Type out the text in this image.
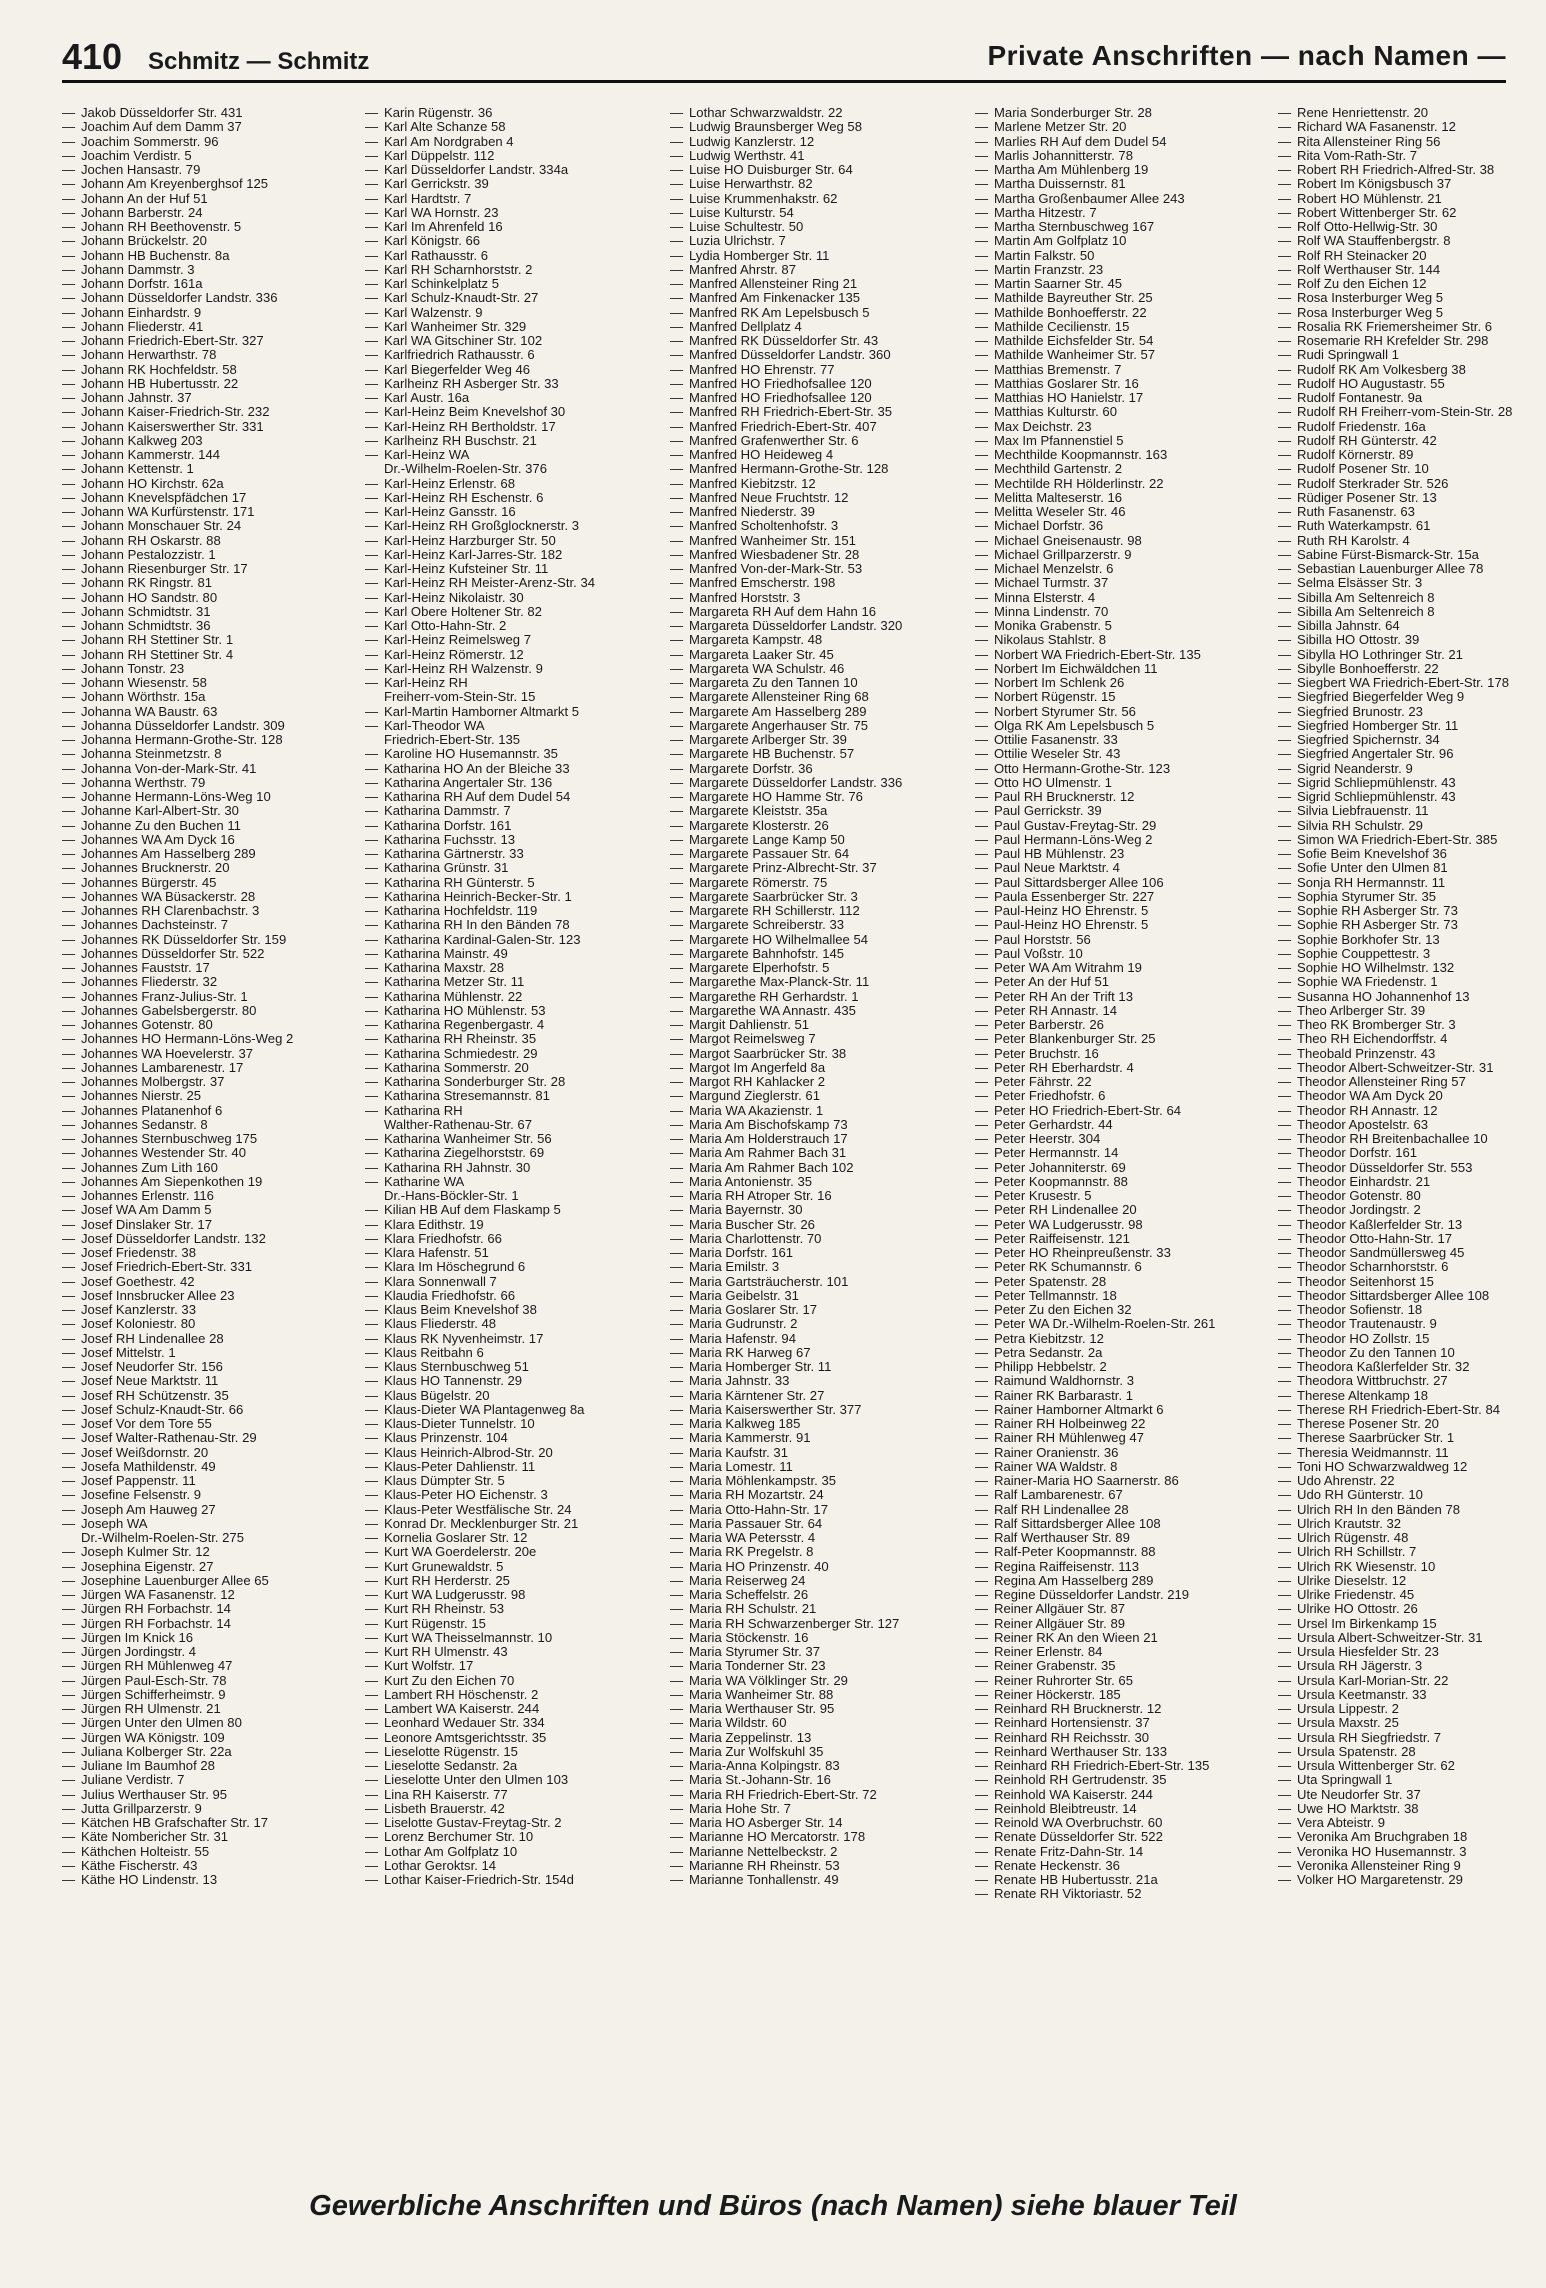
410 Schmitz — Schmitz	Private Anschriften — nach Namen —
— Jakob Düsseldorfer Str. 431
— Joachim Auf dem Damm 37
— Joachim Sommerstr. 96
— Joachim Verdistr. 5
— Jochen Hansastr. 79
— Johann Am Kreyenberghsof 125
— Johann An der Huf 51
— Johann Barberstr. 24
— Johann RH Beethovenstr. 5
— Johann Brückelstr. 20
— Johann HB Buchenstr. 8a
— Johann Dammstr. 3
— Johann Dorfstr. 161a
— Johann Düsseldorfer Landstr. 336
— Johann Einhardstr. 9
— Johann Fliederstr. 41
— Johann Friedrich-Ebert-Str. 327
— Johann Herwarthstr. 78
— Johann RK Hochfeldstr. 58
— Johann HB Hubertusstr. 22
— Johann Jahnstr. 37
— Johann Kaiser-Friedrich-Str. 232
— Johann Kaiserswerther Str. 331
— Johann Kalkweg 203
— Johann Kammerstr. 144
— Johann Kettenstr. 1
— Johann HO Kirchstr. 62a
— Johann Knevelspfädchen 17
— Johann WA Kurfürstenstr. 171
— Johann Monschauer Str. 24
— Johann RH Oskarstr. 88
— Johann Pestalozzistr. 1
— Johann Riesenburger Str. 17
— Johann RK Ringstr. 81
— Johann HO Sandstr. 80
— Johann Schmidtstr. 31
— Johann Schmidtstr. 36
— Johann RH Stettiner Str. 1
— Johann RH Stettiner Str. 4
— Johann Tonstr. 23
— Johann Wiesenstr. 58
— Johann Wörthstr. 15a
— Johanna WA Baustr. 63
— Johanna Düsseldorfer Landstr. 309
— Johanna Hermann-Grothe-Str. 128
— Johanna Steinmetzstr. 8
— Johanna Von-der-Mark-Str. 41
— Johanna Werthstr. 79
— Johanne Hermann-Löns-Weg 10
— Johanne Karl-Albert-Str. 30
— Johanne Zu den Buchen 11
— Johannes WA Am Dyck 16
— Johannes Am Hasselberg 289
— Johannes Brucknerstr. 20
— Johannes Bürgerstr. 45
— Johannes WA Büsackerstr. 28
— Johannes RH Clarenbachstr. 3
— Johannes Dachsteinstr. 7
— Johannes RK Düsseldorfer Str. 159
— Johannes Düsseldorfer Str. 522
— Johannes Fauststr. 17
— Johannes Fliederstr. 32
— Johannes Franz-Julius-Str. 1
— Johannes Gabelsbergerstr. 80
— Johannes Gotenstr. 80
— Johannes HO Hermann-Löns-Weg 2
— Johannes WA Hoevelerstr. 37
— Johannes Lambarenestr. 17
— Johannes Molbergstr. 37
— Johannes Nierstr. 25
— Johannes Platanenhof 6
— Johannes Sedanstr. 8
— Johannes Sternbuschweg 175
— Johannes Westender Str. 40
— Johannes Zum Lith 160
— Johannes Am Siepenkothen 19
— Johannes Erlenstr. 116
— Josef WA Am Damm 5
— Josef Dinslaker Str. 17
— Josef Düsseldorfer Landstr. 132
— Josef Friedenstr. 38
— Josef Friedrich-Ebert-Str. 331
— Josef Goethestr. 42
— Josef Innsbrucker Allee 23
— Josef Kanzlerstr. 33
— Josef Koloniestr. 80
— Josef RH Lindenallee 28
— Josef Mittelstr. 1
— Josef Neudorfer Str. 156
— Josef Neue Marktstr. 11
— Josef RH Schützenstr. 35
— Josef Schulz-Knaudt-Str. 66
— Josef Vor dem Tore 55
— Josef Walter-Rathenau-Str. 29
— Josef Weißdornstr. 20
— Josefa Mathildenstr. 49
— Josef Pappenstr. 11
— Josefine Felsenstr. 9
— Joseph Am Hauweg 27
— Joseph WA
Dr.-Wilhelm-Roelen-Str. 275
— Joseph Kulmer Str. 12
— Josephina Eigenstr. 27
— Josephine Lauenburger Allee 65
— Jürgen WA Fasanenstr. 12
— Jürgen RH Forbachstr. 14
— Jürgen RH Forbachstr. 14
— Jürgen Im Knick 16
— Jürgen Jordingstr. 4
— Jürgen RH Mühlenweg 47
— Jürgen Paul-Esch-Str. 78
— Jürgen Schifferheimstr. 9
— Jürgen RH Ulmenstr. 21
— Jürgen Unter den Ulmen 80
— Jürgen WA Königstr. 109
— Juliana Kolberger Str. 22a
— Juliane Im Baumhof 28
— Juliane Verdistr. 7
— Julius Werthauser Str. 95
— Jutta Grillparzerstr. 9
— Kätchen HB Grafschafter Str. 17
— Käte Nombericher Str. 31
— Käthchen Holteistr. 55
— Käthe Fischerstr. 43
— Käthe HO Lindenstr. 13
— Karin Rügenstr. 36
— Karl Alte Schanze 58
— Karl Am Nordgraben 4
— Karl Düppelstr. 112
— Karl Düsseldorfer Landstr. 334a
— Karl Gerrickstr. 39
— Karl Hardtstr. 7
— Karl WA Hornstr. 23
— Karl Im Ahrenfeld 16
— Karl Königstr. 66
— Karl Rathausstr. 6
— Karl RH Scharnhorststr. 2
— Karl Schinkelplatz 5
— Karl Schulz-Knaudt-Str. 27
— Karl Walzenstr. 9
— Karl Wanheimer Str. 329
— Karl WA Gitschiner Str. 102
— Karlfriedrich Rathausstr. 6
— Karl Biegerfelder Weg 46
— Karlheinz RH Asberger Str. 33
— Karl Austr. 16a
— Karl-Heinz Beim Knevelshof 30
— Karl-Heinz RH Bertholdstr. 17
— Karlheinz RH Buschstr. 21
— Karl-Heinz WA
Dr.-Wilhelm-Roelen-Str. 376
— Karl-Heinz Erlenstr. 68
— Karl-Heinz RH Eschenstr. 6
— Karl-Heinz Gansstr. 16
— Karl-Heinz RH Großglocknerstr. 3
— Karl-Heinz Harzburger Str. 50
— Karl-Heinz Karl-Jarres-Str. 182
— Karl-Heinz Kufsteiner Str. 11
— Karl-Heinz RH Meister-Arenz-Str. 34
— Karl-Heinz Nikolaistr. 30
— Karl Obere Holtener Str. 82
— Karl Otto-Hahn-Str. 2
— Karl-Heinz Reimelsweg 7
— Karl-Heinz Römerstr. 12
— Karl-Heinz RH Walzenstr. 9
— Karl-Heinz RH
Freiherr-vom-Stein-Str. 15
— Karl-Martin Hamborner Altmarkt 5
— Karl-Theodor WA
Friedrich-Ebert-Str. 135
— Karoline HO Husemannstr. 35
— Katharina HO An der Bleiche 33
— Katharina Angertaler Str. 136
— Katharina RH Auf dem Dudel 54
— Katharina Dammstr. 7
— Katharina Dorfstr. 161
— Katharina Fuchsstr. 13
— Katharina Gärtnerstr. 33
— Katharina Grünstr. 31
— Katharina RH Günterstr. 5
— Katharina Heinrich-Becker-Str. 1
— Katharina Hochfeldstr. 119
— Katharina RH In den Bänden 78
— Katharina Kardinal-Galen-Str. 123
— Katharina Mainstr. 49
— Katharina Maxstr. 28
— Katharina Metzer Str. 11
— Katharina Mühlenstr. 22
— Katharina HO Mühlenstr. 53
— Katharina Regenbergastr. 4
— Katharina RH Rheinstr. 35
— Katharina Schmiedestr. 29
— Katharina Sommerstr. 20
— Katharina Sonderburger Str. 28
— Katharina Stresemannstr. 81
— Katharina RH
Walther-Rathenau-Str. 67
— Katharina Wanheimer Str. 56
— Katharina Ziegelhorststr. 69
— Katharina RH Jahnstr. 30
— Katharine WA
Dr.-Hans-Böckler-Str. 1
— Kilian HB Auf dem Flaskamp 5
— Klara Edithstr. 19
— Klara Friedhofstr. 66
— Klara Hafenstr. 51
— Klara Im Höschegrund 6
— Klara Sonnenwall 7
— Klaudia Friedhofstr. 66
— Klaus Beim Knevelshof 38
— Klaus Fliederstr. 48
— Klaus RK Nyvenheimstr. 17
— Klaus Reitbahn 6
— Klaus Sternbuschweg 51
— Klaus HO Tannenstr. 29
— Klaus Bügelstr. 20
— Klaus-Dieter WA Plantagenweg 8a
— Klaus-Dieter Tunnelstr. 10
— Klaus Prinzenstr. 104
— Klaus Heinrich-Albrod-Str. 20
— Klaus-Peter Dahlienstr. 11
— Klaus Dümpter Str. 5
— Klaus-Peter HO Eichenstr. 3
— Klaus-Peter Westfälische Str. 24
— Konrad Dr. Mecklenburger Str. 21
— Kornelia Goslarer Str. 12
— Kurt WA Goerdelerstr. 20e
— Kurt Grunewaldstr. 5
— Kurt RH Herderstr. 25
— Kurt WA Ludgerusstr. 98
— Kurt RH Rheinstr. 53
— Kurt Rügenstr. 15
— Kurt WA Theisselmannstr. 10
— Kurt RH Ulmenstr. 43
— Kurt Wolfstr. 17
— Kurt Zu den Eichen 70
— Lambert RH Höschenstr. 2
— Lambert WA Kaiserstr. 244
— Leonhard Wedauer Str. 334
— Leonore Amtsgerichtsstr. 35
— Lieselotte Rügenstr. 15
— Lieselotte Sedanstr. 2a
— Lieselotte Unter den Ulmen 103
— Lina RH Kaiserstr. 77
— Lisbeth Brauerstr. 42
— Liselotte Gustav-Freytag-Str. 2
— Lorenz Berchumer Str. 10
— Lothar Am Golfplatz 10
— Lothar Geroktsr. 14
— Lothar Kaiser-Friedrich-Str. 154d
— Lothar Schwarzwaldstr. 22
— Ludwig Braunsberger Weg 58
— Ludwig Kanzlerstr. 12
— Ludwig Werthstr. 41
— Luise HO Duisburger Str. 64
— Luise Herwarthstr. 82
— Luise Krummenhakstr. 62
— Luise Kulturstr. 54
— Luise Schultestr. 50
— Luzia Ulrichstr. 7
— Lydia Homberger Str. 11
— Manfred Ahrstr. 87
— Manfred Allensteiner Ring 21
— Manfred Am Finkenacker 135
— Manfred RK Am Lepelsbusch 5
— Manfred Dellplatz 4
— Manfred RK Düsseldorfer Str. 43
— Manfred Düsseldorfer Landstr. 360
— Manfred HO Ehrenstr. 77
— Manfred HO Friedhofsallee 120
— Manfred HO Friedhofsallee 120
— Manfred RH Friedrich-Ebert-Str. 35
— Manfred Friedrich-Ebert-Str. 407
— Manfred Grafenwerther Str. 6
— Manfred HO Heideweg 4
— Manfred Hermann-Grothe-Str. 128
— Manfred Kiebitzstr. 12
— Manfred Neue Fruchtstr. 12
— Manfred Niederstr. 39
— Manfred Scholtenhofstr. 3
— Manfred Wanheimer Str. 151
— Manfred Wiesbadener Str. 28
— Manfred Von-der-Mark-Str. 53
— Manfred Emscherstr. 198
— Manfred Horststr. 3
— Margareta RH Auf dem Hahn 16
— Margareta Düsseldorfer Landstr. 320
— Margareta Kampstr. 48
— Margareta Laaker Str. 45
— Margareta WA Schulstr. 46
— Margareta Zu den Tannen 10
— Margarete Allensteiner Ring 68
— Margarete Am Hasselberg 289
— Margarete Angerhauser Str. 75
— Margarete Arlberger Str. 39
— Margarete HB Buchenstr. 57
— Margarete Dorfstr. 36
— Margarete Düsseldorfer Landstr. 336
— Margarete HO Hamme Str. 76
— Margarete Kleiststr. 35a
— Margarete Klosterstr. 26
— Margarete Lange Kamp 50
— Margarete Passauer Str. 64
— Margarete Prinz-Albrecht-Str. 37
— Margarete Römerstr. 75
— Margarete Saarbrücker Str. 3
— Margarete RH Schillerstr. 112
— Margarete Schreiberstr. 33
— Margarete HO Wilhelmallee 54
— Margarete Bahnhofstr. 145
— Margarete Elperhofstr. 5
— Margarethe Max-Planck-Str. 11
— Margarethe RH Gerhardstr. 1
— Margarethe WA Annastr. 435
— Margit Dahlienstr. 51
— Margot Reimelsweg 7
— Margot Saarbrücker Str. 38
— Margot Im Angerfeld 8a
— Margot RH Kahlacker 2
— Margund Zieglerstr. 61
— Maria WA Akazienstr. 1
— Maria Am Bischofskamp 73
— Maria Am Holderstrauch 17
— Maria Am Rahmer Bach 31
— Maria Am Rahmer Bach 102
— Maria Antonienstr. 35
— Maria RH Atroper Str. 16
— Maria Bayernstr. 30
— Maria Buscher Str. 26
— Maria Charlottenstr. 70
— Maria Dorfstr. 161
— Maria Emilstr. 3
— Maria Gartsträucherstr. 101
— Maria Geibelstr. 31
— Maria Goslarer Str. 17
— Maria Gudrunstr. 2
— Maria Hafenstr. 94
— Maria RK Harweg 67
— Maria Homberger Str. 11
— Maria Jahnstr. 33
— Maria Kärntener Str. 27
— Maria Kaiserswerther Str. 377
— Maria Kalkweg 185
— Maria Kammerstr. 91
— Maria Kaufstr. 31
— Maria Lomestr. 11
— Maria Möhlenkampstr. 35
— Maria RH Mozartstr. 24
— Maria Otto-Hahn-Str. 17
— Maria Passauer Str. 64
— Maria WA Petersstr. 4
— Maria RK Pregelstr. 8
— Maria HO Prinzenstr. 40
— Maria Reiserweg 24
— Maria Scheffelstr. 26
— Maria RH Schulstr. 21
— Maria RH Schwarzenberger Str. 127
— Maria Stöckenstr. 16
— Maria Styrumer Str. 37
— Maria Tonderner Str. 23
— Maria WA Völklinger Str. 29
— Maria Wanheimer Str. 88
— Maria Werthauser Str. 95
— Maria Wildstr. 60
— Maria Zeppelinstr. 13
— Maria Zur Wolfskuhl 35
— Maria-Anna Kolpingstr. 83
— Maria St.-Johann-Str. 16
— Maria RH Friedrich-Ebert-Str. 72
— Maria Hohe Str. 7
— Maria HO Asberger Str. 14
— Marianne HO Mercatorstr. 178
— Marianne Nettelbeckstr. 2
— Marianne RH Rheinstr. 53
— Marianne Tonhallenstr. 49
— Maria Sonderburger Str. 28
— Marlene Metzer Str. 20
— Marlies RH Auf dem Dudel 54
— Marlis Johannitterstr. 78
— Martha Am Mühlenberg 19
— Martha Duissernstr. 81
— Martha Großenbaumer Allee 243
— Martha Hitzestr. 7
— Martha Sternbuschweg 167
— Martin Am Golfplatz 10
— Martin Falkstr. 50
— Martin Franzstr. 23
— Martin Saarner Str. 45
— Mathilde Bayreuther Str. 25
— Mathilde Bonhoefferstr. 22
— Mathilde Cecilienstr. 15
— Mathilde Eichsfelder Str. 54
— Mathilde Wanheimer Str. 57
— Matthias Bremenstr. 7
— Matthias Goslarer Str. 16
— Matthias HO Hanielstr. 17
— Matthias Kulturstr. 60
— Max Deichstr. 23
— Max Im Pfannenstiel 5
— Mechthilde Koopmannstr. 163
— Mechthild Gartenstr. 2
— Mechtilde RH Hölderlinstr. 22
— Melitta Malteserstr. 16
— Melitta Weseler Str. 46
— Michael Dorfstr. 36
— Michael Gneisenaustr. 98
— Michael Grillparzerstr. 9
— Michael Menzelstr. 6
— Michael Turmstr. 37
— Minna Elsterstr. 4
— Minna Lindenstr. 70
— Monika Grabenstr. 5
— Nikolaus Stahlstr. 8
— Norbert WA Friedrich-Ebert-Str. 135
— Norbert Im Eichwäldchen 11
— Norbert Im Schlenk 26
— Norbert Rügenstr. 15
— Norbert Styrumer Str. 56
— Olga RK Am Lepelsbusch 5
— Ottilie Fasanenstr. 33
— Ottilie Weseler Str. 43
— Otto Hermann-Grothe-Str. 123
— Otto HO Ulmenstr. 1
— Paul RH Brucknerstr. 12
— Paul Gerrickstr. 39
— Paul Gustav-Freytag-Str. 29
— Paul Hermann-Löns-Weg 2
— Paul HB Mühlenstr. 23
— Paul Neue Marktstr. 4
— Paul Sittardsberger Allee 106
— Paula Essenberger Str. 227
— Paul-Heinz HO Ehrenstr. 5
— Paul-Heinz HO Ehrenstr. 5
— Paul Horststr. 56
— Paul Voßstr. 10
— Peter WA Am Witrahm 19
— Peter An der Huf 51
— Peter RH An der Trift 13
— Peter RH Annastr. 14
— Peter Barberstr. 26
— Peter Blankenburger Str. 25
— Peter Bruchstr. 16
— Peter RH Eberhardstr. 4
— Peter Fährstr. 22
— Peter Friedhofstr. 6
— Peter HO Friedrich-Ebert-Str. 64
— Peter Gerhardstr. 44
— Peter Heerstr. 304
— Peter Hermannstr. 14
— Peter Johanniterstr. 69
— Peter Koopmannstr. 88
— Peter Krusestr. 5
— Peter RH Lindenallee 20
— Peter WA Ludgerusstr. 98
— Peter Raiffeisenstr. 121
— Peter HO Rheinpreußenstr. 33
— Peter RK Schumannstr. 6
— Peter Spatenstr. 28
— Peter Tellmannstr. 18
— Peter Zu den Eichen 32
— Peter WA Dr.-Wilhelm-Roelen-Str. 261
— Petra Kiebitzstr. 12
— Petra Sedanstr. 2a
— Philipp Hebbelstr. 2
— Raimund Waldhornstr. 3
— Rainer RK Barbarastr. 1
— Rainer Hamborner Altmarkt 6
— Rainer RH Holbeinweg 22
— Rainer RH Mühlenweg 47
— Rainer Oranienstr. 36
— Rainer WA Waldstr. 8
— Rainer-Maria HO Saarnerstr. 86
— Ralf Lambarenestr. 67
— Ralf RH Lindenallee 28
— Ralf Sittardsberger Allee 108
— Ralf Werthauser Str. 89
— Ralf-Peter Koopmannstr. 88
— Regina Raiffeisenstr. 113
— Regina Am Hasselberg 289
— Regine Düsseldorfer Landstr. 219
— Reiner Allgäuer Str. 87
— Reiner Allgäuer Str. 89
— Reiner RK An den Wieen 21
— Reiner Erlenstr. 84
— Reiner Grabenstr. 35
— Reiner Ruhrorter Str. 65
— Reiner Höckerstr. 185
— Reinhard RH Brucknerstr. 12
— Reinhard Hortensienstr. 37
— Reinhard RH Reichsstr. 30
— Reinhard Werthauser Str. 133
— Reinhard RH Friedrich-Ebert-Str. 135
— Reinhold RH Gertrudenstr. 35
— Reinhold WA Kaiserstr. 244
— Reinhold Bleibtreustr. 14
— Reinold WA Overbruchstr. 60
— Renate Düsseldorfer Str. 522
— Renate Fritz-Dahn-Str. 14
— Renate Heckenstr. 36
— Renate HB Hubertusstr. 21a
— Renate RH Viktoriastr. 52
— Rene Henriettenstr. 20
— Richard WA Fasanenstr. 12
— Rita Allensteiner Ring 56
— Rita Vom-Rath-Str. 7
— Robert RH Friedrich-Alfred-Str. 38
— Robert Im Königsbusch 37
— Robert HO Mühlenstr. 21
— Robert Wittenberger Str. 62
— Rolf Otto-Hellwig-Str. 30
— Rolf WA Stauffenbergstr. 8
— Rolf RH Steinacker 20
— Rolf Werthauser Str. 144
— Rolf Zu den Eichen 12
— Rosa Insterburger Weg 5
— Rosa Insterburger Weg 5
— Rosalia RK Friemersheimer Str. 6
— Rosemarie RH Krefelder Str. 298
— Rudi Springwall 1
— Rudolf RK Am Volkesberg 38
— Rudolf HO Augustastr. 55
— Rudolf Fontanestr. 9a
— Rudolf RH Freiherr-vom-Stein-Str. 28
— Rudolf Friedenstr. 16a
— Rudolf RH Günterstr. 42
— Rudolf Körnerstr. 89
— Rudolf Posener Str. 10
— Rudolf Sterkrader Str. 526
— Rüdiger Posener Str. 13
— Ruth Fasanenstr. 63
— Ruth Waterkampstr. 61
— Ruth RH Karolstr. 4
— Sabine Fürst-Bismarck-Str. 15a
— Sebastian Lauenburger Allee 78
— Selma Elsässer Str. 3
— Sibilla Am Seltenreich 8
— Sibilla Am Seltenreich 8
— Sibilla Jahnstr. 64
— Sibilla HO Ottostr. 39
— Sibylla HO Lothringer Str. 21
— Sibylle Bonhoefferstr. 22
— Siegbert WA Friedrich-Ebert-Str. 178
— Siegfried Biegerfelder Weg 9
— Siegfried Brunostr. 23
— Siegfried Homberger Str. 11
— Siegfried Spichernstr. 34
— Siegfried Angertaler Str. 96
— Sigrid Neanderstr. 9
— Sigrid Schliepmühlenstr. 43
— Sigrid Schliepmühlenstr. 43
— Silvia Liebfrauenstr. 11
— Silvia RH Schulstr. 29
— Simon WA Friedrich-Ebert-Str. 385
— Sofie Beim Knevelshof 36
— Sofie Unter den Ulmen 81
— Sonja RH Hermannstr. 11
— Sophia Styrumer Str. 35
— Sophie RH Asberger Str. 73
— Sophie RH Asberger Str. 73
— Sophie Borkhofer Str. 13
— Sophie Couppettestr. 3
— Sophie HO Wilhelmstr. 132
— Sophie WA Friedenstr. 1
— Susanna HO Johannenhof 13
— Theo Arlberger Str. 39
— Theo RK Bromberger Str. 3
— Theo RH Eichendorffstr. 4
— Theobald Prinzenstr. 43
— Theodor Albert-Schweitzer-Str. 31
— Theodor Allensteiner Ring 57
— Theodor WA Am Dyck 20
— Theodor RH Annastr. 12
— Theodor Apostelstr. 63
— Theodor RH Breitenbachallee 10
— Theodor Dorfstr. 161
— Theodor Düsseldorfer Str. 553
— Theodor Einhardstr. 21
— Theodor Gotenstr. 80
— Theodor Jordingstr. 2
— Theodor Kaßlerfelder Str. 13
— Theodor Otto-Hahn-Str. 17
— Theodor Sandmüllersweg 45
— Theodor Scharnhorststr. 6
— Theodor Seitenhorst 15
— Theodor Sittardsberger Allee 108
— Theodor Sofienstr. 18
— Theodor Trautenaustr. 9
— Theodor HO Zollstr. 15
— Theodor Zu den Tannen 10
— Theodora Kaßlerfelder Str. 32
— Theodora Wittbruchstr. 27
— Therese Altenkamp 18
— Therese RH Friedrich-Ebert-Str. 84
— Therese Posener Str. 20
— Therese Saarbrücker Str. 1
— Theresia Weidmannstr. 11
— Toni HO Schwarzwaldweg 12
— Udo Ahrenstr. 22
— Udo RH Günterstr. 10
— Ulrich RH In den Bänden 78
— Ulrich Krautstr. 32
— Ulrich Rügenstr. 48
— Ulrich RH Schillstr. 7
— Ulrich RK Wiesenstr. 10
— Ulrike Dieselstr. 12
— Ulrike Friedenstr. 45
— Ulrike HO Ottostr. 26
— Ursel Im Birkenkamp 15
— Ursula Albert-Schweitzer-Str. 31
— Ursula Hiesfelder Str. 23
— Ursula RH Jägerstr. 3
— Ursula Karl-Morian-Str. 22
— Ursula Keetmanstr. 33
— Ursula Lippestr. 2
— Ursula Maxstr. 25
— Ursula RH Siegfriedstr. 7
— Ursula Spatenstr. 28
— Ursula Wittenberger Str. 62
— Uta Springwall 1
— Ute Neudorfer Str. 37
— Uwe HO Marktstr. 38
— Vera Abteistr. 9
— Veronika Am Bruchgraben 18
— Veronika HO Husemannstr. 3
— Veronika Allensteiner Ring 9
— Volker HO Margaretenstr. 29
Gewerbliche Anschriften und Büros (nach Namen) siehe blauer Teil
